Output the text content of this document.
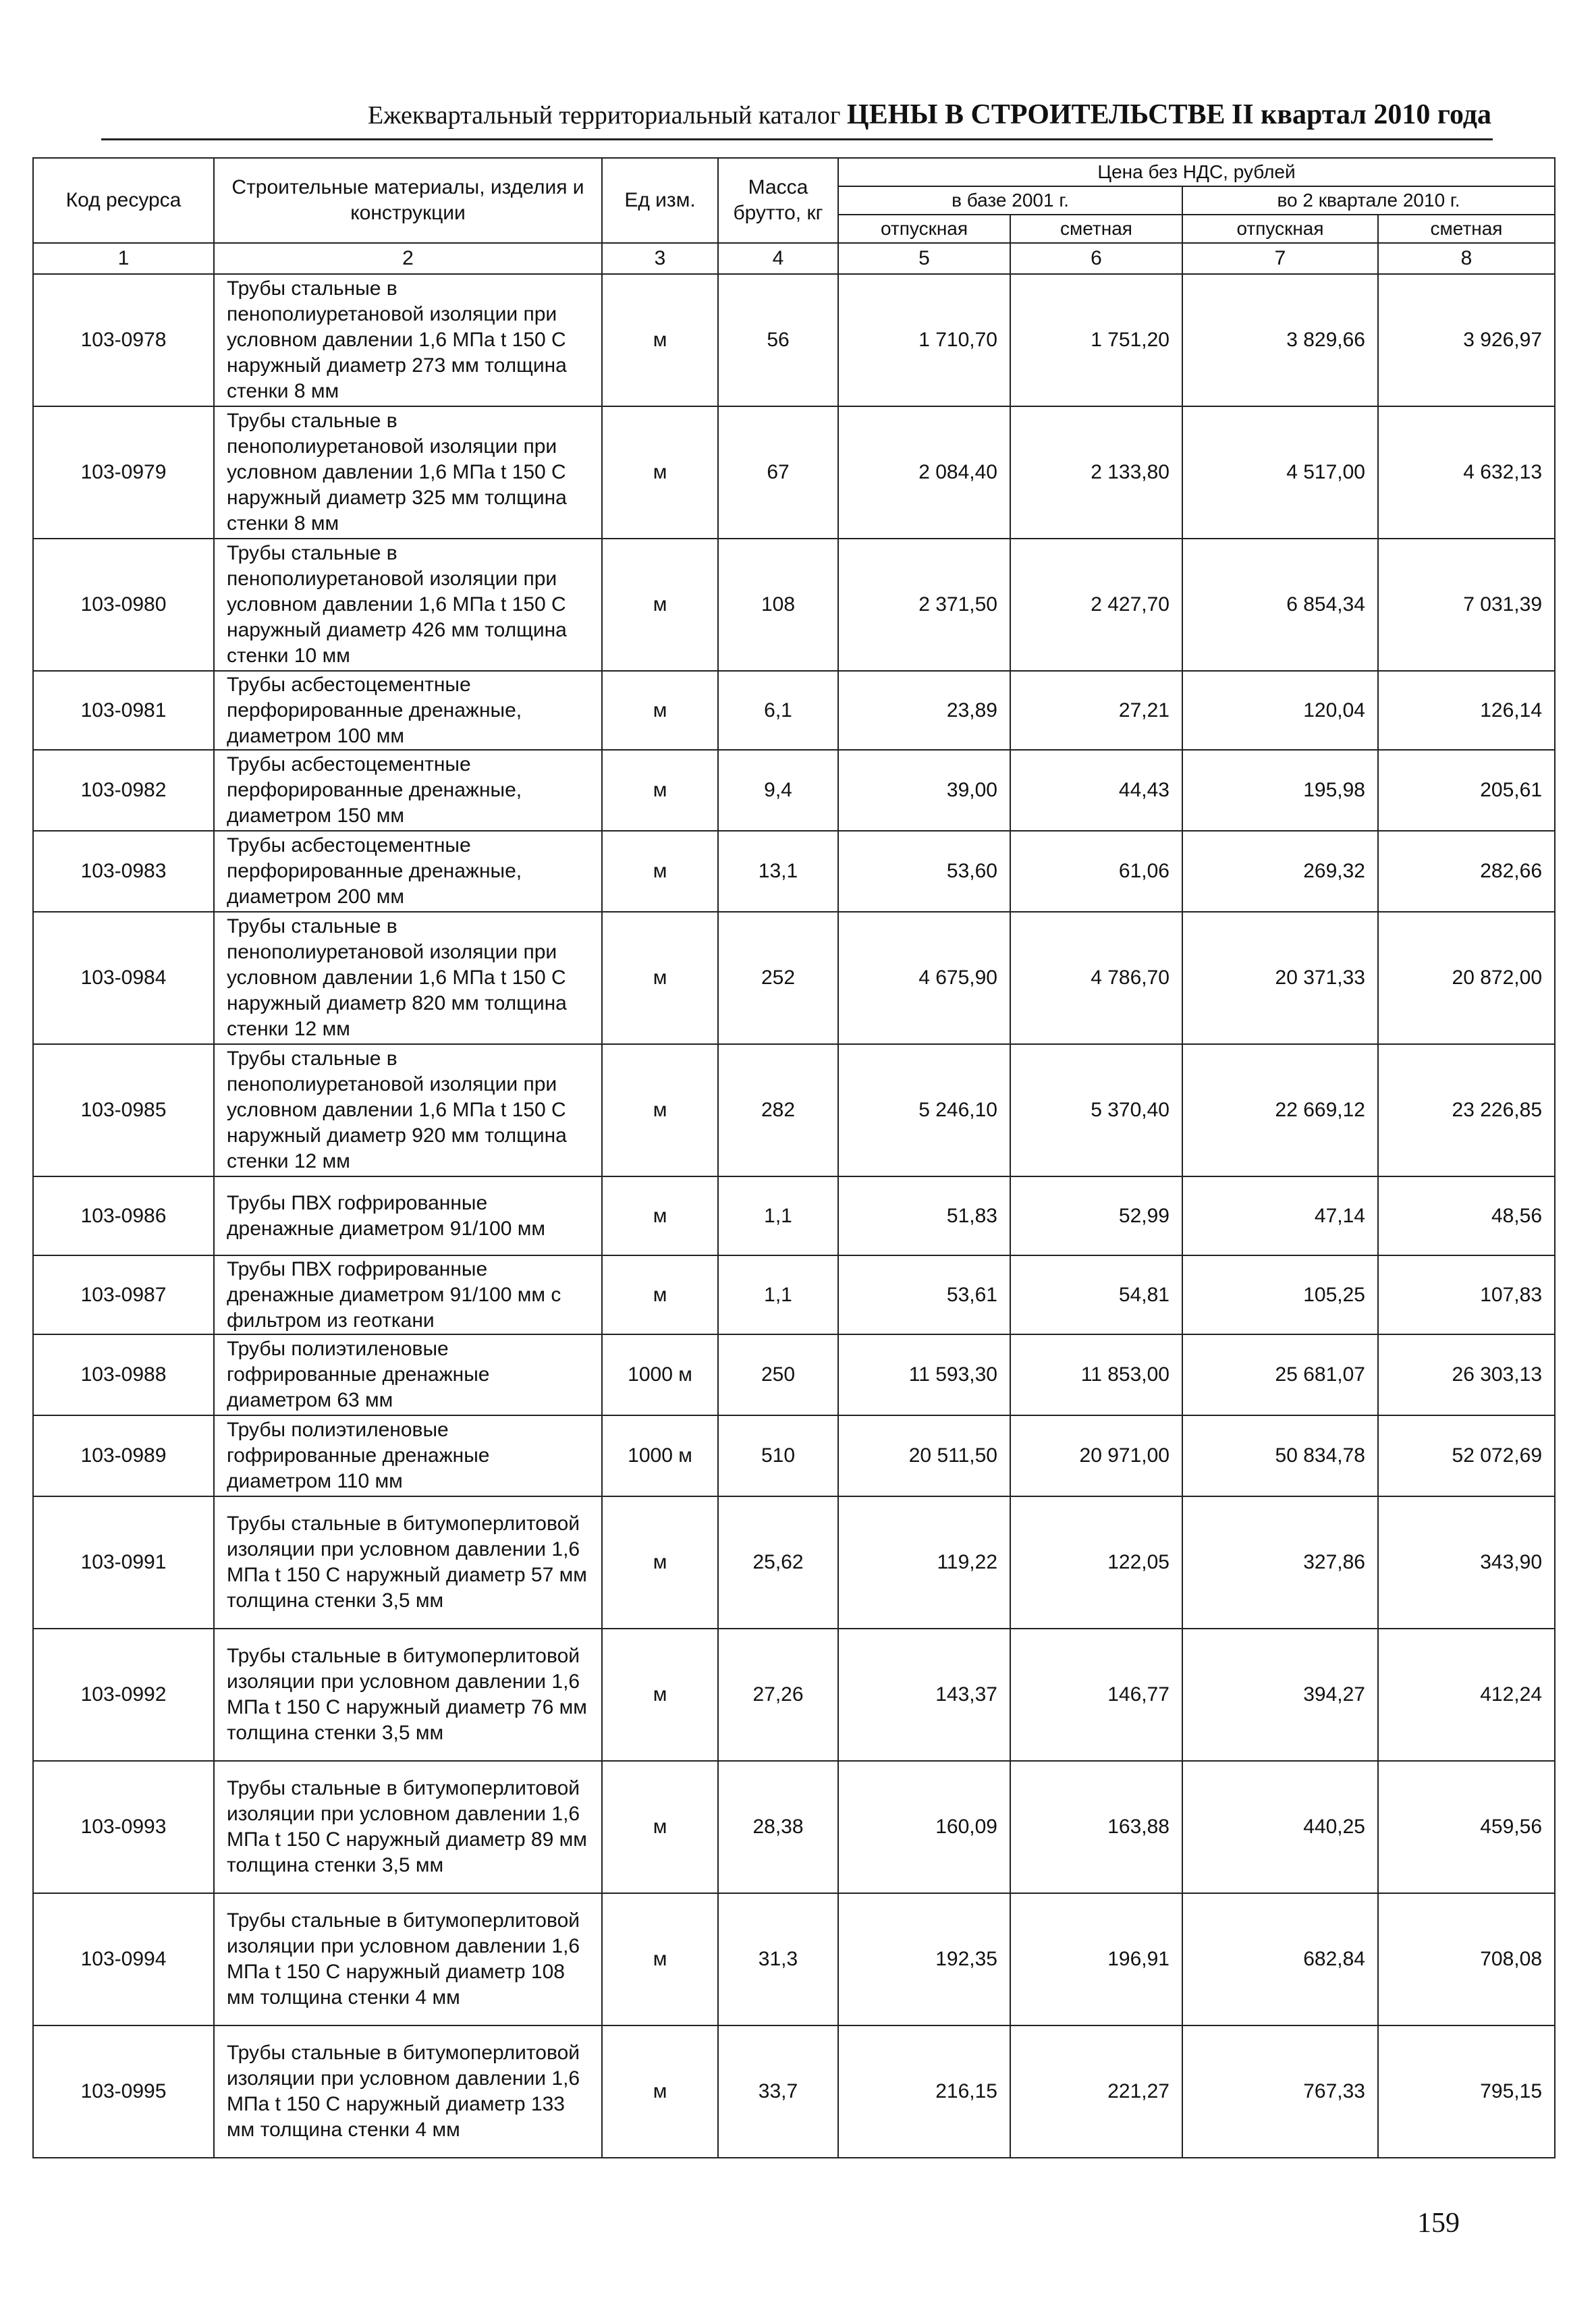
Ежеквартальный территориальный каталог ЦЕНЫ В СТРОИТЕЛЬСТВЕ II квартал 2010 года
Код ресурса	Строительные материалы, изделия и конструкции	Ед изм.	Масса брутто, кг	Цена без НДС, рублей			
				в базе 2001 г.		во 2 квартале 2010 г.	
				отпускная	сметная	отпускная	сметная
1	2	3	4	5	6	7	8
103-0978	Трубы стальные в пенополиуретановой изоляции при условном давлении 1,6 МПа t 150 С наружный диаметр 273 мм толщина стенки 8 мм	м	56	1 710,70	1 751,20	3 829,66	3 926,97
103-0979	Трубы стальные в пенополиуретановой изоляции при условном давлении 1,6 МПа t 150 С наружный диаметр 325 мм толщина стенки 8 мм	м	67	2 084,40	2 133,80	4 517,00	4 632,13
103-0980	Трубы стальные в пенополиуретановой изоляции при условном давлении 1,6 МПа t 150 С наружный диаметр 426 мм толщина стенки 10 мм	м	108	2 371,50	2 427,70	6 854,34	7 031,39
103-0981	Трубы асбестоцементные перфорированные дренажные, диаметром 100 мм	м	6,1	23,89	27,21	120,04	126,14
103-0982	Трубы асбестоцементные перфорированные дренажные, диаметром 150 мм	м	9,4	39,00	44,43	195,98	205,61
103-0983	Трубы асбестоцементные перфорированные дренажные, диаметром 200 мм	м	13,1	53,60	61,06	269,32	282,66
103-0984	Трубы стальные в пенополиуретановой изоляции при условном давлении 1,6 МПа t 150 С наружный диаметр 820 мм толщина стенки 12 мм	м	252	4 675,90	4 786,70	20 371,33	20 872,00
103-0985	Трубы стальные в пенополиуретановой изоляции при условном давлении 1,6 МПа t 150 С наружный диаметр 920 мм толщина стенки 12 мм	м	282	5 246,10	5 370,40	22 669,12	23 226,85
103-0986	Трубы ПВХ гофрированные дренажные диаметром 91/100 мм	м	1,1	51,83	52,99	47,14	48,56
103-0987	Трубы ПВХ гофрированные дренажные диаметром 91/100 мм с фильтром из геоткани	м	1,1	53,61	54,81	105,25	107,83
103-0988	Трубы полиэтиленовые гофрированные дренажные диаметром 63 мм	1000 м	250	11 593,30	11 853,00	25 681,07	26 303,13
103-0989	Трубы полиэтиленовые гофрированные дренажные диаметром 110 мм	1000 м	510	20 511,50	20 971,00	50 834,78	52 072,69
103-0991	Трубы стальные в битумоперлитовой изоляции при условном давлении 1,6 МПа t 150 С наружный диаметр 57 мм толщина стенки 3,5 мм	м	25,62	119,22	122,05	327,86	343,90
103-0992	Трубы стальные в битумоперлитовой изоляции при условном давлении 1,6 МПа t 150 С наружный диаметр 76 мм толщина стенки 3,5 мм	м	27,26	143,37	146,77	394,27	412,24
103-0993	Трубы стальные в битумоперлитовой изоляции при условном давлении 1,6 МПа t 150 С наружный диаметр 89 мм толщина стенки 3,5 мм	м	28,38	160,09	163,88	440,25	459,56
103-0994	Трубы стальные в битумоперлитовой изоляции при условном давлении 1,6 МПа t 150 С наружный диаметр 108 мм толщина стенки 4 мм	м	31,3	192,35	196,91	682,84	708,08
103-0995	Трубы стальные в битумоперлитовой изоляции при условном давлении 1,6 МПа t 150 С наружный диаметр 133 мм толщина стенки 4 мм	м	33,7	216,15	221,27	767,33	795,15
159
